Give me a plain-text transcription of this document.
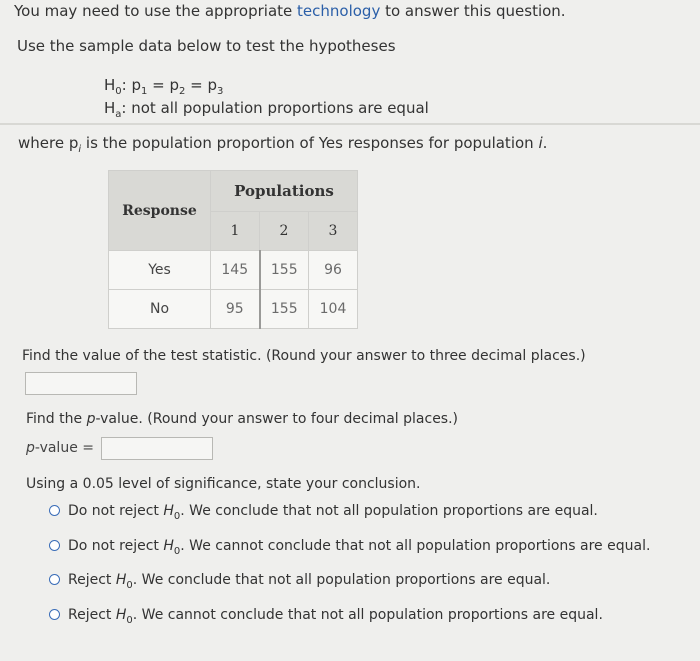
You may need to use the appropriate technology to answer this question.
Use the sample data below to test the hypotheses
$H_0$: $p_1 = p_2 = p_3$
$H_a$: not all population proportions are equal
where $p_i$ is the population proportion of Yes responses for population i.
Response	Populations		
	1	2	3
Yes	145	155	96
No	95	155	104
Find the value of the test statistic. (Round your answer to three decimal places.)
Find the p-value. (Round your answer to four decimal places.)
p-value =
Using a 0.05 level of significance, state your conclusion.
Do not reject $H_0$. We conclude that not all population proportions are equal.
Do not reject $H_0$. We cannot conclude that not all population proportions are equal.
Reject $H_0$. We conclude that not all population proportions are equal.
Reject $H_0$. We cannot conclude that not all population proportions are equal.
